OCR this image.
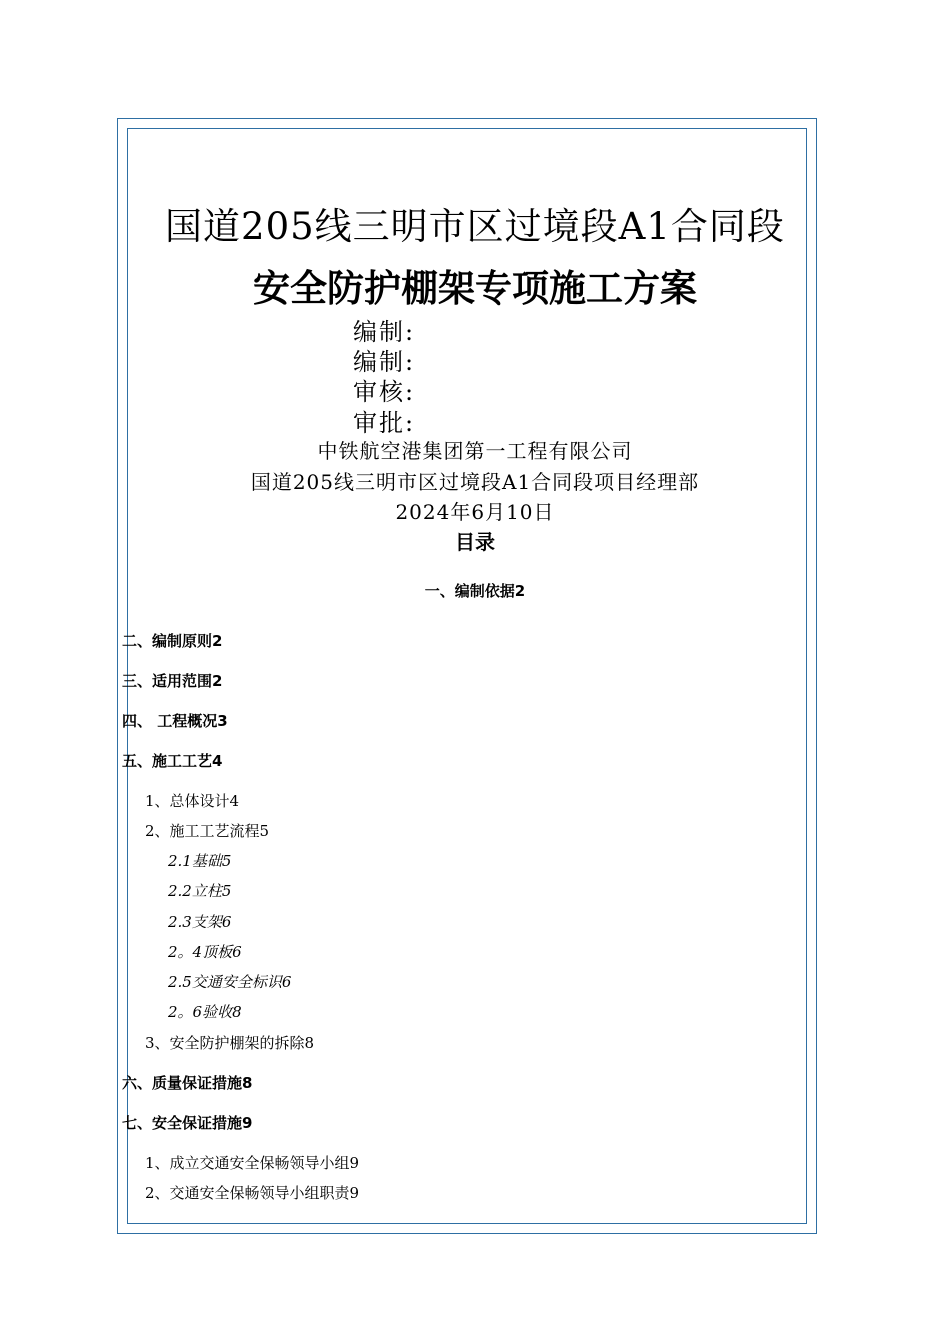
国道205线三明市区过境段A1合同段
安全防护棚架专项施工方案
编制:
编制:
审核:
审批:
中铁航空港集团第一工程有限公司
国道205线三明市区过境段A1合同段项目经理部
2024年6月10日
目录
一、编制依据2
二、编制原则2
三、适用范围2
四、 工程概况3
五、施工工艺4
1、总体设计4
2、施工工艺流程5
2.1基础5
2.2立柱5
2.3支架6
2。4顶板6
2.5交通安全标识6
2。6验收8
3、安全防护棚架的拆除8
六、质量保证措施8
七、安全保证措施9
1、成立交通安全保畅领导小组9
2、交通安全保畅领导小组职责9
